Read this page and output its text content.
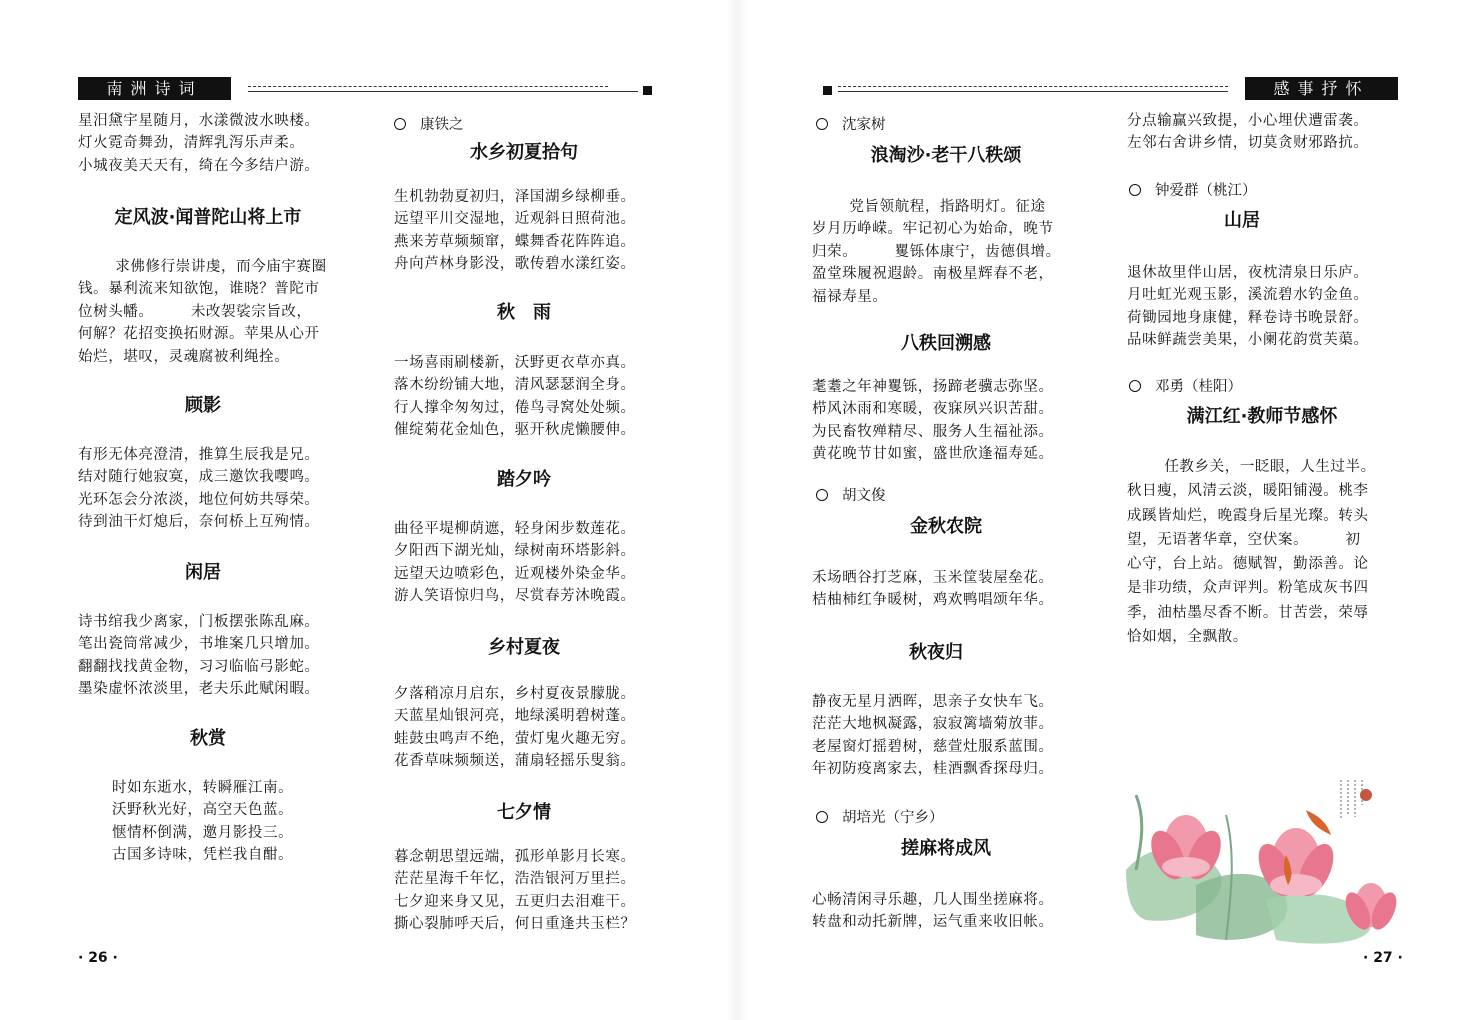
南洲诗词	感事抒怀
星汨黛宇星随月，水漾微波水映楼。
灯火霓奇舞劲，清辉乳泻乐声柔。
小城夜美天天有，绮在今多结户游。

定风波·闻普陀山将上市

求佛修行崇讲虔，而今庙宇赛圈
钱。暴利流来知欲饱，谁晓？普陀市
位树头幡。    未改袈裟宗旨改，
何解？花招变换拓财源。苹果从心开
始烂，堪叹，灵魂腐被利绳拴。

顾影

有形无体亮澄清，推算生辰我是兄。
结对随行她寂寞，成三邀饮我嘤鸣。
光环怎会分浓淡，地位何妨共辱荣。
待到油干灯熄后，奈何桥上互殉情。

闲居

诗书绾我少离家，门板摆张陈乱麻。
笔出瓷筒常减少，书堆案几只增加。
翻翻找找黄金物，习习临临弓影蛇。
墨染虚怀浓淡里，老夫乐此赋闲暇。

秋赏

时如东逝水，转瞬雁江南。
沃野秋光好，高空天色蓝。
惬情杯倒满，邀月影投三。
古国多诗味，凭栏我自酣。

康铁之

水乡初夏拾句

生机勃勃夏初归，泽国湖乡绿柳垂。
远望平川交湿地，近观斜日照荷池。
燕来芳草频频窜，蝶舞香花阵阵追。
舟向芦林身影没，歌传碧水漾红姿。

秋　雨

一场喜雨刷楼新，沃野更衣草亦真。
落木纷纷铺大地，清风瑟瑟润全身。
行人撑伞匆匆过，倦鸟寻窝处处频。
催绽菊花金灿色，驱开秋虎懒腰伸。

踏夕吟

曲径平堤柳荫遮，轻身闲步数莲花。
夕阳西下湖光灿，绿树南环塔影斜。
远望天边喷彩色，近观楼外染金华。
游人笑语惊归鸟，尽赏春芳沐晚霞。

乡村夏夜

夕落稍凉月启东，乡村夏夜景朦胧。
天蓝星灿银河亮，地绿溪明碧树蓬。
蛙鼓虫鸣声不绝，萤灯鬼火趣无穷。
花香草味频频送，蒲扇轻摇乐叟翁。

七夕情

暮念朝思望远端，孤形单影月长寒。
茫茫星海千年忆，浩浩银河万里拦。
七夕迎来身又见，五更归去泪难干。
撕心裂肺呼天后，何日重逢共玉栏？

沈家树

浪淘沙·老干八秩颂

党旨领航程，指路明灯。征途
岁月历峥嵘。牢记初心为始命，晚节
归荣。    矍铄体康宁，齿德俱增。
盈堂珠履祝遐龄。南极星辉春不老，
福禄寿星。

八秩回溯感

耄耋之年神矍铄，扬蹄老骥志弥坚。
栉风沐雨和寒暖，夜寐夙兴识苦甜。
为民畜牧殚精尽、服务人生福祉添。
黄花晚节甘如蜜，盛世欣逢福寿延。

胡文俊

金秋农院

禾场晒谷打芝麻，玉米筐装屋垒花。
桔柚柿红争暖树，鸡欢鸭唱颂年华。

秋夜归

静夜无星月洒晖，思亲子女快车飞。
茫茫大地枫凝露，寂寂篱墙菊放菲。
老屋窗灯摇碧树，慈萱灶服系蓝围。
年初防疫离家去，桂酒飘香探母归。

胡培光（宁乡）

搓麻将成风

心畅清闲寻乐趣，几人围坐搓麻将。
转盘和动托新牌，运气重来收旧帐。
分点输赢兴致提，小心埋伏遭雷袭。
左邻右舍讲乡情，切莫贪财邪路抗。

钟爱群（桃江）

山居

退休故里伴山居，夜枕清泉日乐庐。
月吐虹光观玉影，溪流碧水钓金鱼。
荷锄园地身康健，释卷诗书晚景舒。
品味鲜蔬尝美果，小阑花韵赏芙蕖。

邓勇（桂阳）

满江红·教师节感怀

任教乡关，一眨眼，人生过半。
秋日瘦，风清云淡，暖阳铺漫。桃李
成蹊皆灿烂，晚霞身后星光璨。转头
望，无语著华章，空伏案。    初
心守，台上站。德赋智，勤添善。论
是非功绩，众声评判。粉笔成灰书四
季，油枯墨尽香不断。甘苦尝，荣辱
恰如烟，全飘散。
· 26 ·	· 27 ·
